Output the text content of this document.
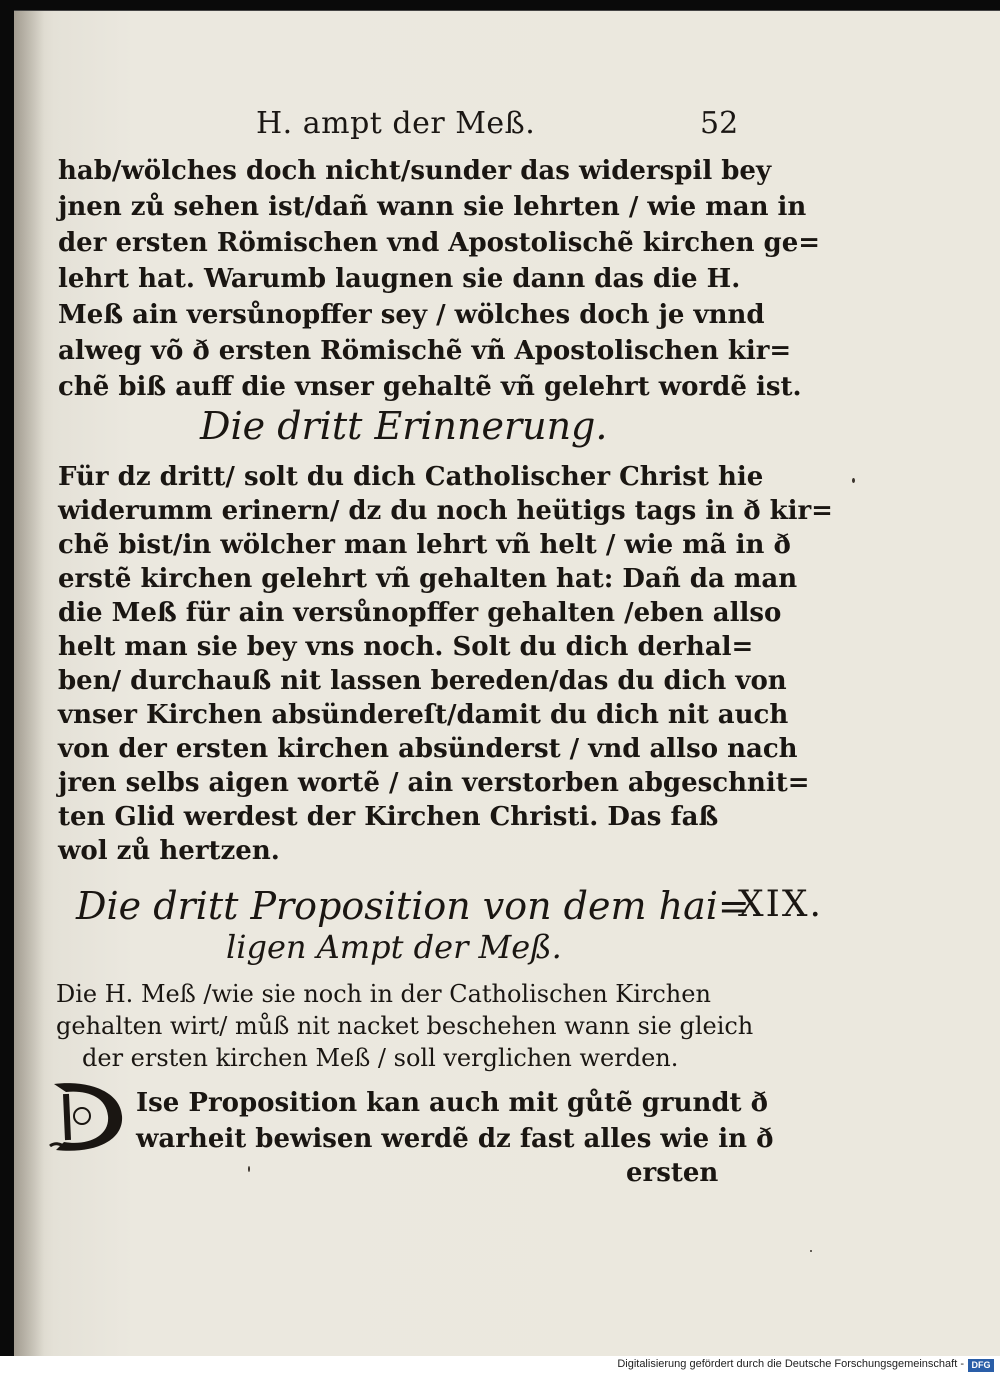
H. ampt der Meß.	52
hab/wölches doch nicht/sunder das widerspil bey
jnen zů sehen ist/dañ wann sie lehrten / wie man in
der ersten Römischen vnd Apostolischẽ kirchen ge=
lehrt hat. Warumb laugnen sie dann das die H.
Meß ain versůnopffer sey / wölches doch je vnnd
alweg võ ð ersten Römischẽ vñ Apostolischen kir=
chẽ biß auff die vnser gehaltẽ vñ gelehrt wordẽ ist.
Die dritt Erinnerung.
Für dz dritt/ solt du dich Catholischer Christ hie
widerumm erinern/ dz du noch heütigs tags in ð kir=
chẽ bist/in wölcher man lehrt vñ helt / wie mã in ð
erstẽ kirchen gelehrt vñ gehalten hat: Dañ da man
die Meß für ain versůnopffer gehalten /eben allso
helt man sie bey vns noch. Solt du dich derhal=
ben/ durchauß nit lassen bereden/das du dich von
vnser Kirchen absündereſt/damit du dich nit auch
von der ersten kirchen absünderst / vnd allso nach
jren selbs aigen wortẽ / ain verstorben abgeschnit=
ten Glid werdest der Kirchen Christi. Das faß
wol zů hertzen.
Die dritt Proposition von dem hai=
ligen Ampt der Meß.
XIX.
Die H. Meß /wie sie noch in der Catholischen Kirchen
gehalten wirt/ můß nit nacket beschehen wann sie gleich
der ersten kirchen Meß / soll verglichen werden.
Ise Proposition kan auch mit gůtẽ grundt ð
warheit bewisen werdẽ dz fast alles wie in ð
ersten
Digitalisierung gefördert durch die Deutsche Forschungsgemeinschaft - DFG
